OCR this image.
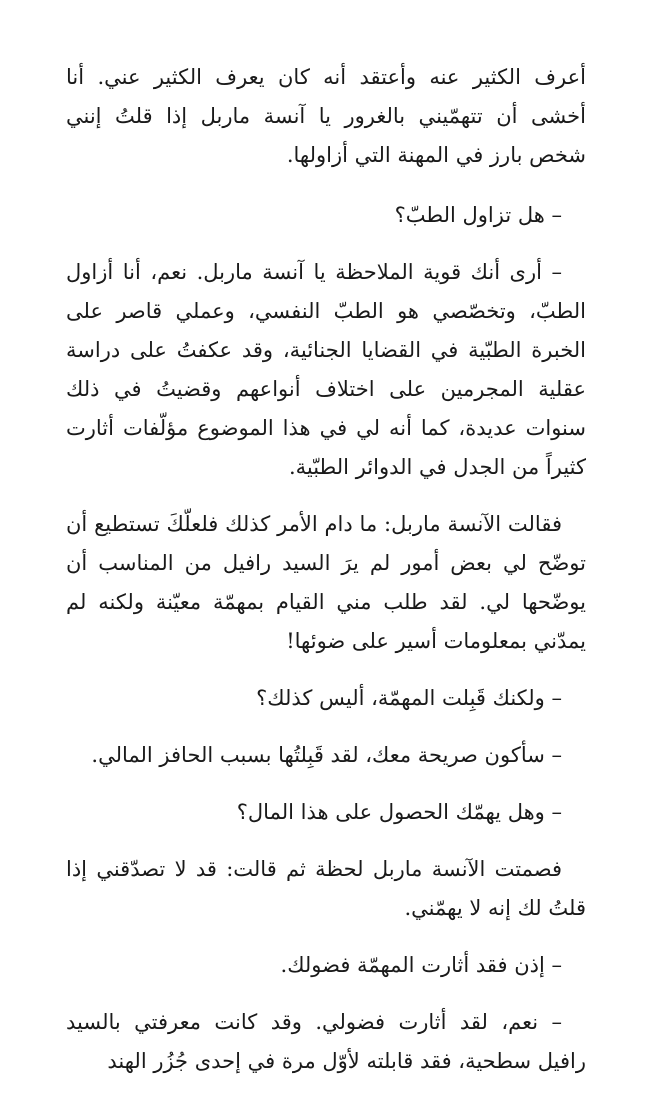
أعرف الكثير عنه وأعتقد أنه كان يعرف الكثير عني. أنا أخشى أن تتهمّيني بالغرور يا آنسة ماربل إذا قلتُ إنني شخص بارز في المهنة التي أزاولها.

– هل تزاول الطبّ؟

– أرى أنك قوية الملاحظة يا آنسة ماربل. نعم، أنا أزاول الطبّ، وتخصّصي هو الطبّ النفسي، وعملي قاصر على الخبرة الطبّية في القضايا الجنائية، وقد عكفتُ على دراسة عقلية المجرمين على اختلاف أنواعهم وقضيتُ في ذلك سنوات عديدة، كما أنه لي في هذا الموضوع مؤلّفات أثارت كثيراً من الجدل في الدوائر الطبّية.

فقالت الآنسة ماربل: ما دام الأمر كذلك فلعلّكَ تستطيع أن توضّح لي بعض أمور لم يرَ السيد رافيل من المناسب أن يوضّحها لي. لقد طلب مني القيام بمهمّة معيّنة ولكنه لم يمدّني بمعلومات أسير على ضوئها!

– ولكنك قَبِلت المهمّة، أليس كذلك؟

– سأكون صريحة معك، لقد قَبِلتُها بسبب الحافز المالي.

– وهل يهمّك الحصول على هذا المال؟

فصمتت الآنسة ماربل لحظة ثم قالت: قد لا تصدّقني إذا قلتُ لك إنه لا يهمّني.

– إذن فقد أثارت المهمّة فضولك.

– نعم، لقد أثارت فضولي. وقد كانت معرفتي بالسيد رافيل سطحية، فقد قابلته لأوّل مرة في إحدى جُزُر الهند
